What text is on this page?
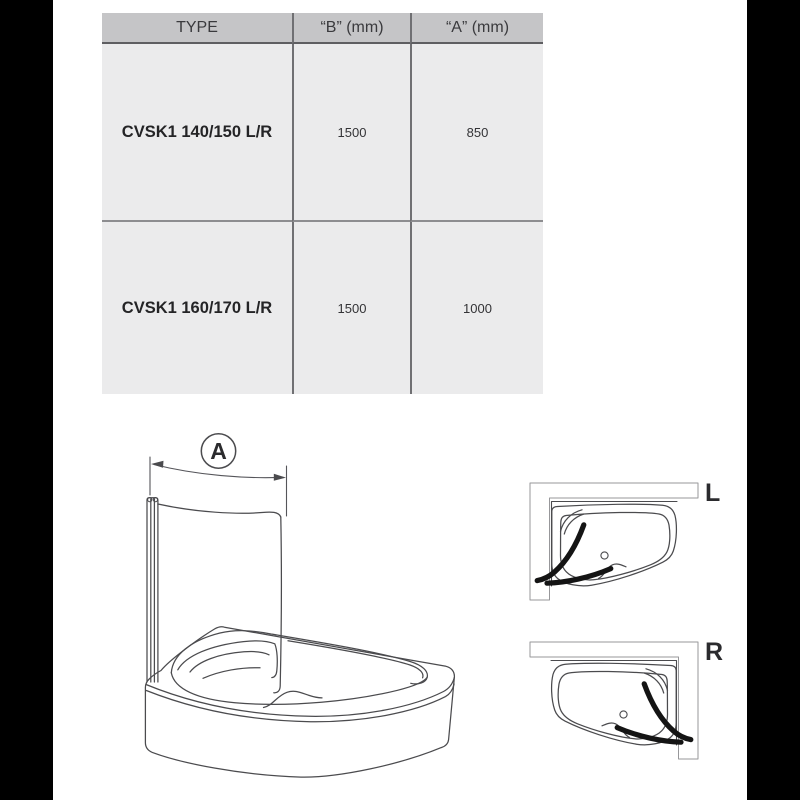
TYPE	“B” (mm)	“A” (mm)
CVSK1 140/150 L/R	1500	850
CVSK1 160/170 L/R	1500	1000
A
L
R
